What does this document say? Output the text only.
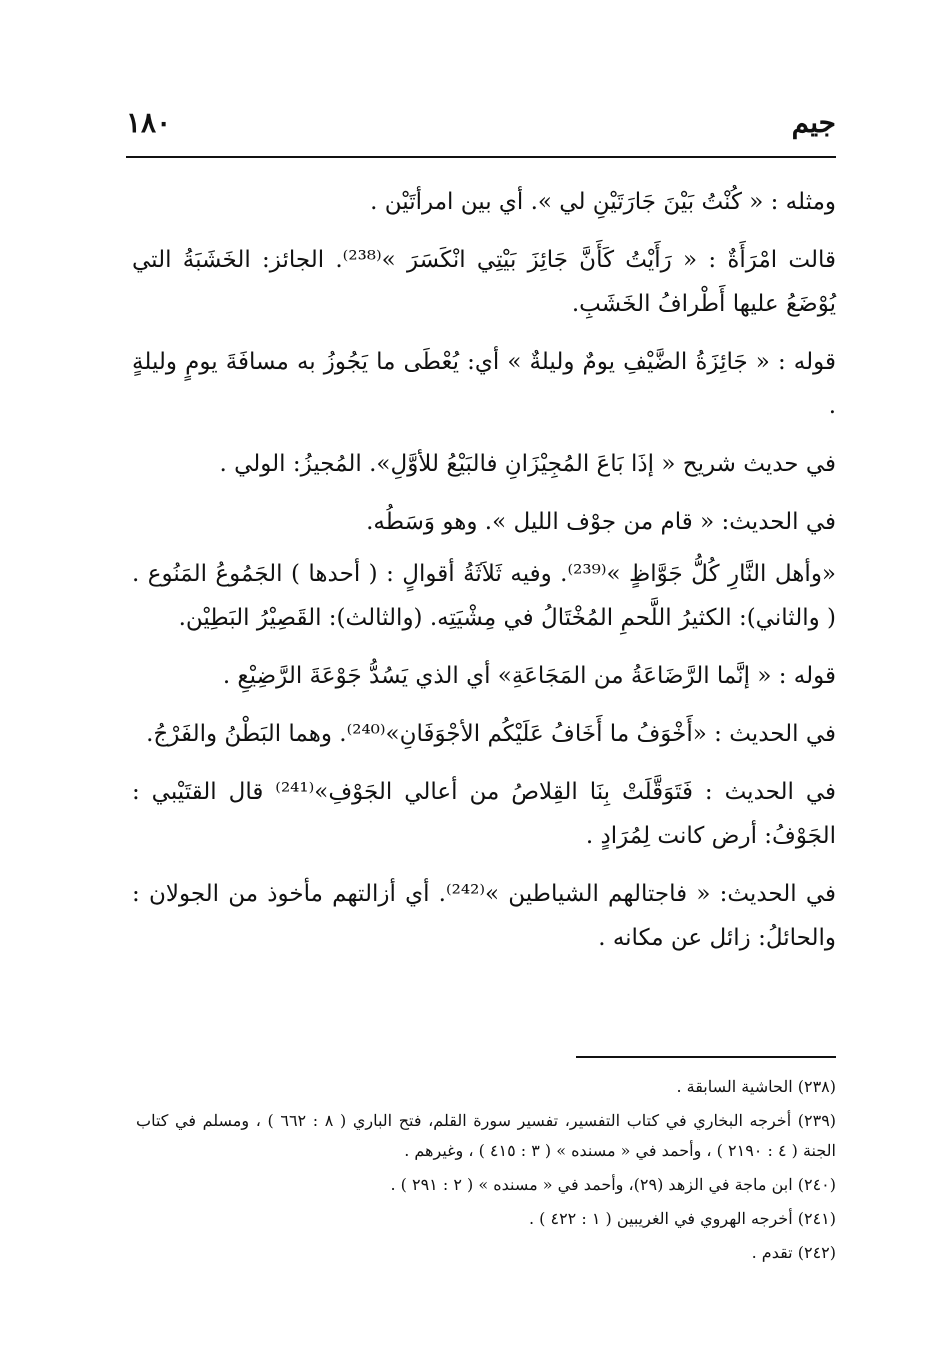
جيم
١٨٠

ومثله : « كُنْتُ بَيْنَ جَارَتَيْنِ لي ». أي بين امرأتَيْن .

قالت امْرَأَةٌ : « رَأَيْتُ كَأَنَّ جَائِزَ بَيْتِي انْكَسَرَ »⁽²³⁸⁾. الجائز: الخَشَبَةُ التي يُوْضَعُ عليها أَطْرافُ الخَشَبِ.

قوله : « جَائِزَةُ الضَّيْفِ يومٌ وليلةٌ » أي: يُعْطَى ما يَجُوزُ به مسافَةَ يومٍ وليلةٍ .

في حديث شريح « إذَا بَاعَ المُجِيْزَانِ فالبَيْعُ للأوَّلِ». المُجيزُ: الولي .

في الحديث: « قام من جوْف الليل ». وهو وَسَطُه.

«وأهل النَّارِ كُلُّ جَوَّاظٍ »⁽²³⁹⁾. وفيه ثَلاَثَةُ أقوالٍ : ( أحدها ) الجَمُوعُ المَنُوع . ( والثاني): الكثيرُ اللَّحمِ المُخْتَالُ في مِشْيَتِه. (والثالث): القَصِيْرُ البَطِيْن.

قوله : « إنَّما الرَّضَاعَةُ من المَجَاعَةِ» أي الذي يَسُدُّ جَوْعَةَ الرَّضِيْعِ .

في الحديث : «أَخْوَفُ ما أَخَافُ عَلَيْكُم الأجْوَفَانِ»⁽²⁴⁰⁾. وهما البَطْنُ والفَرْجُ.

في الحديث : فَتَوَقَّلَتْ بِنَا القِلاصُ من أعالي الجَوْفِ»⁽²⁴¹⁾ قال القتَيْبي : الجَوْفُ: أرض كانت لِمُرَادٍ .

في الحديث: « فاجتالهم الشياطين »⁽²⁴²⁾. أي أزالتهم مأخوذ من الجولان : والحائلُ: زائل عن مكانه .

(٢٣٨) الحاشية السابقة .
(٢٣٩) أخرجه البخاري في كتاب التفسير، تفسير سورة القلم، فتح الباري ( ٨ : ٦٦٢ ) ، ومسلم في كتاب الجنة ( ٤ : ٢١٩٠ ) ، وأحمد في « مسنده » ( ٣ : ٤١٥ ) ، وغيرهم .
(٢٤٠) ابن ماجة في الزهد (٢٩)، وأحمد في « مسنده » ( ٢ : ٢٩١ ) .
(٢٤١) أخرجه الهروي في الغريبين ( ١ : ٤٢٢ ) .
(٢٤٢) تقدم .
